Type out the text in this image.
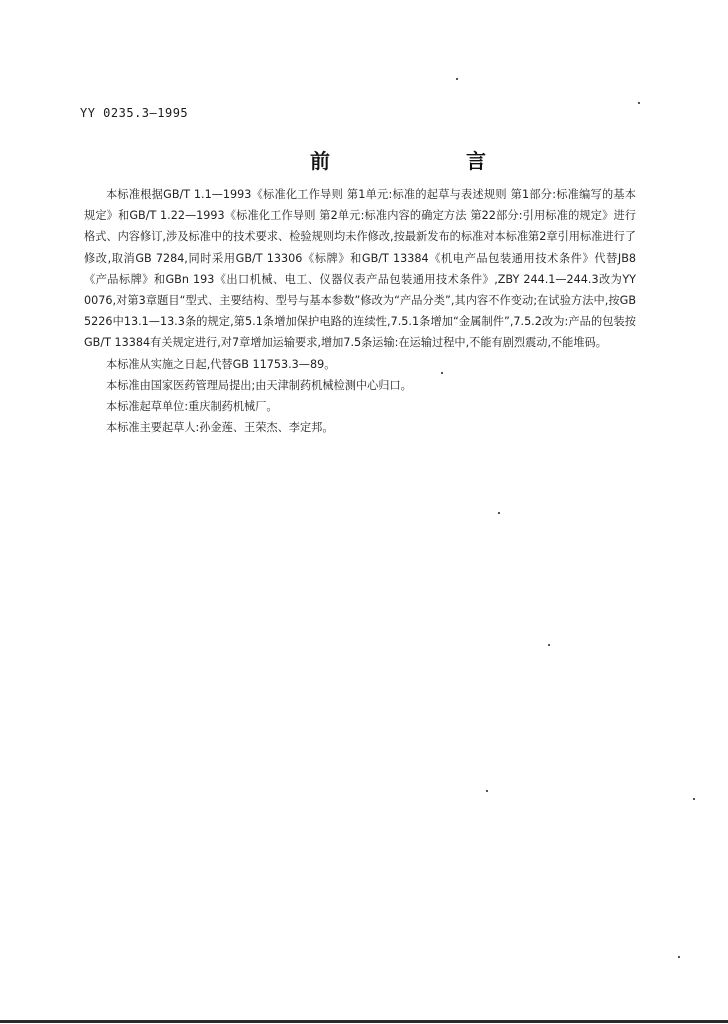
YY 0235.3—1995
前　言

本标准根据GB/T 1.1—1993《标准化工作导则 第1单元:标准的起草与表述规则 第1部分:标准编写的基本规定》和GB/T 1.22—1993《标准化工作导则 第2单元:标准内容的确定方法 第22部分:引用标准的规定》进行格式、内容修订,涉及标准中的技术要求、检验规则均未作修改,按最新发布的标准对本标准第2章引用标准进行了修改,取消GB 7284,同时采用GB/T 13306《标牌》和GB/T 13384《机电产品包装通用技术条件》代替JB8《产品标牌》和GBn 193《出口机械、电工、仪器仪表产品包装通用技术条件》,ZBY 244.1—244.3改为YY 0076,对第3章题目“型式、主要结构、型号与基本参数”修改为“产品分类”,其内容不作变动;在试验方法中,按GB 5226中13.1—13.3条的规定,第5.1条增加保护电路的连续性,7.5.1条增加“金属制件”,7.5.2改为:产品的包装按GB/T 13384有关规定进行,对7章增加运输要求,增加7.5条运输:在运输过程中,不能有剧烈震动,不能堆码。

本标准从实施之日起,代替GB 11753.3—89。

本标准由国家医药管理局提出;由天津制药机械检测中心归口。

本标准起草单位:重庆制药机械厂。

本标准主要起草人:孙金莲、王荣杰、李定邦。
